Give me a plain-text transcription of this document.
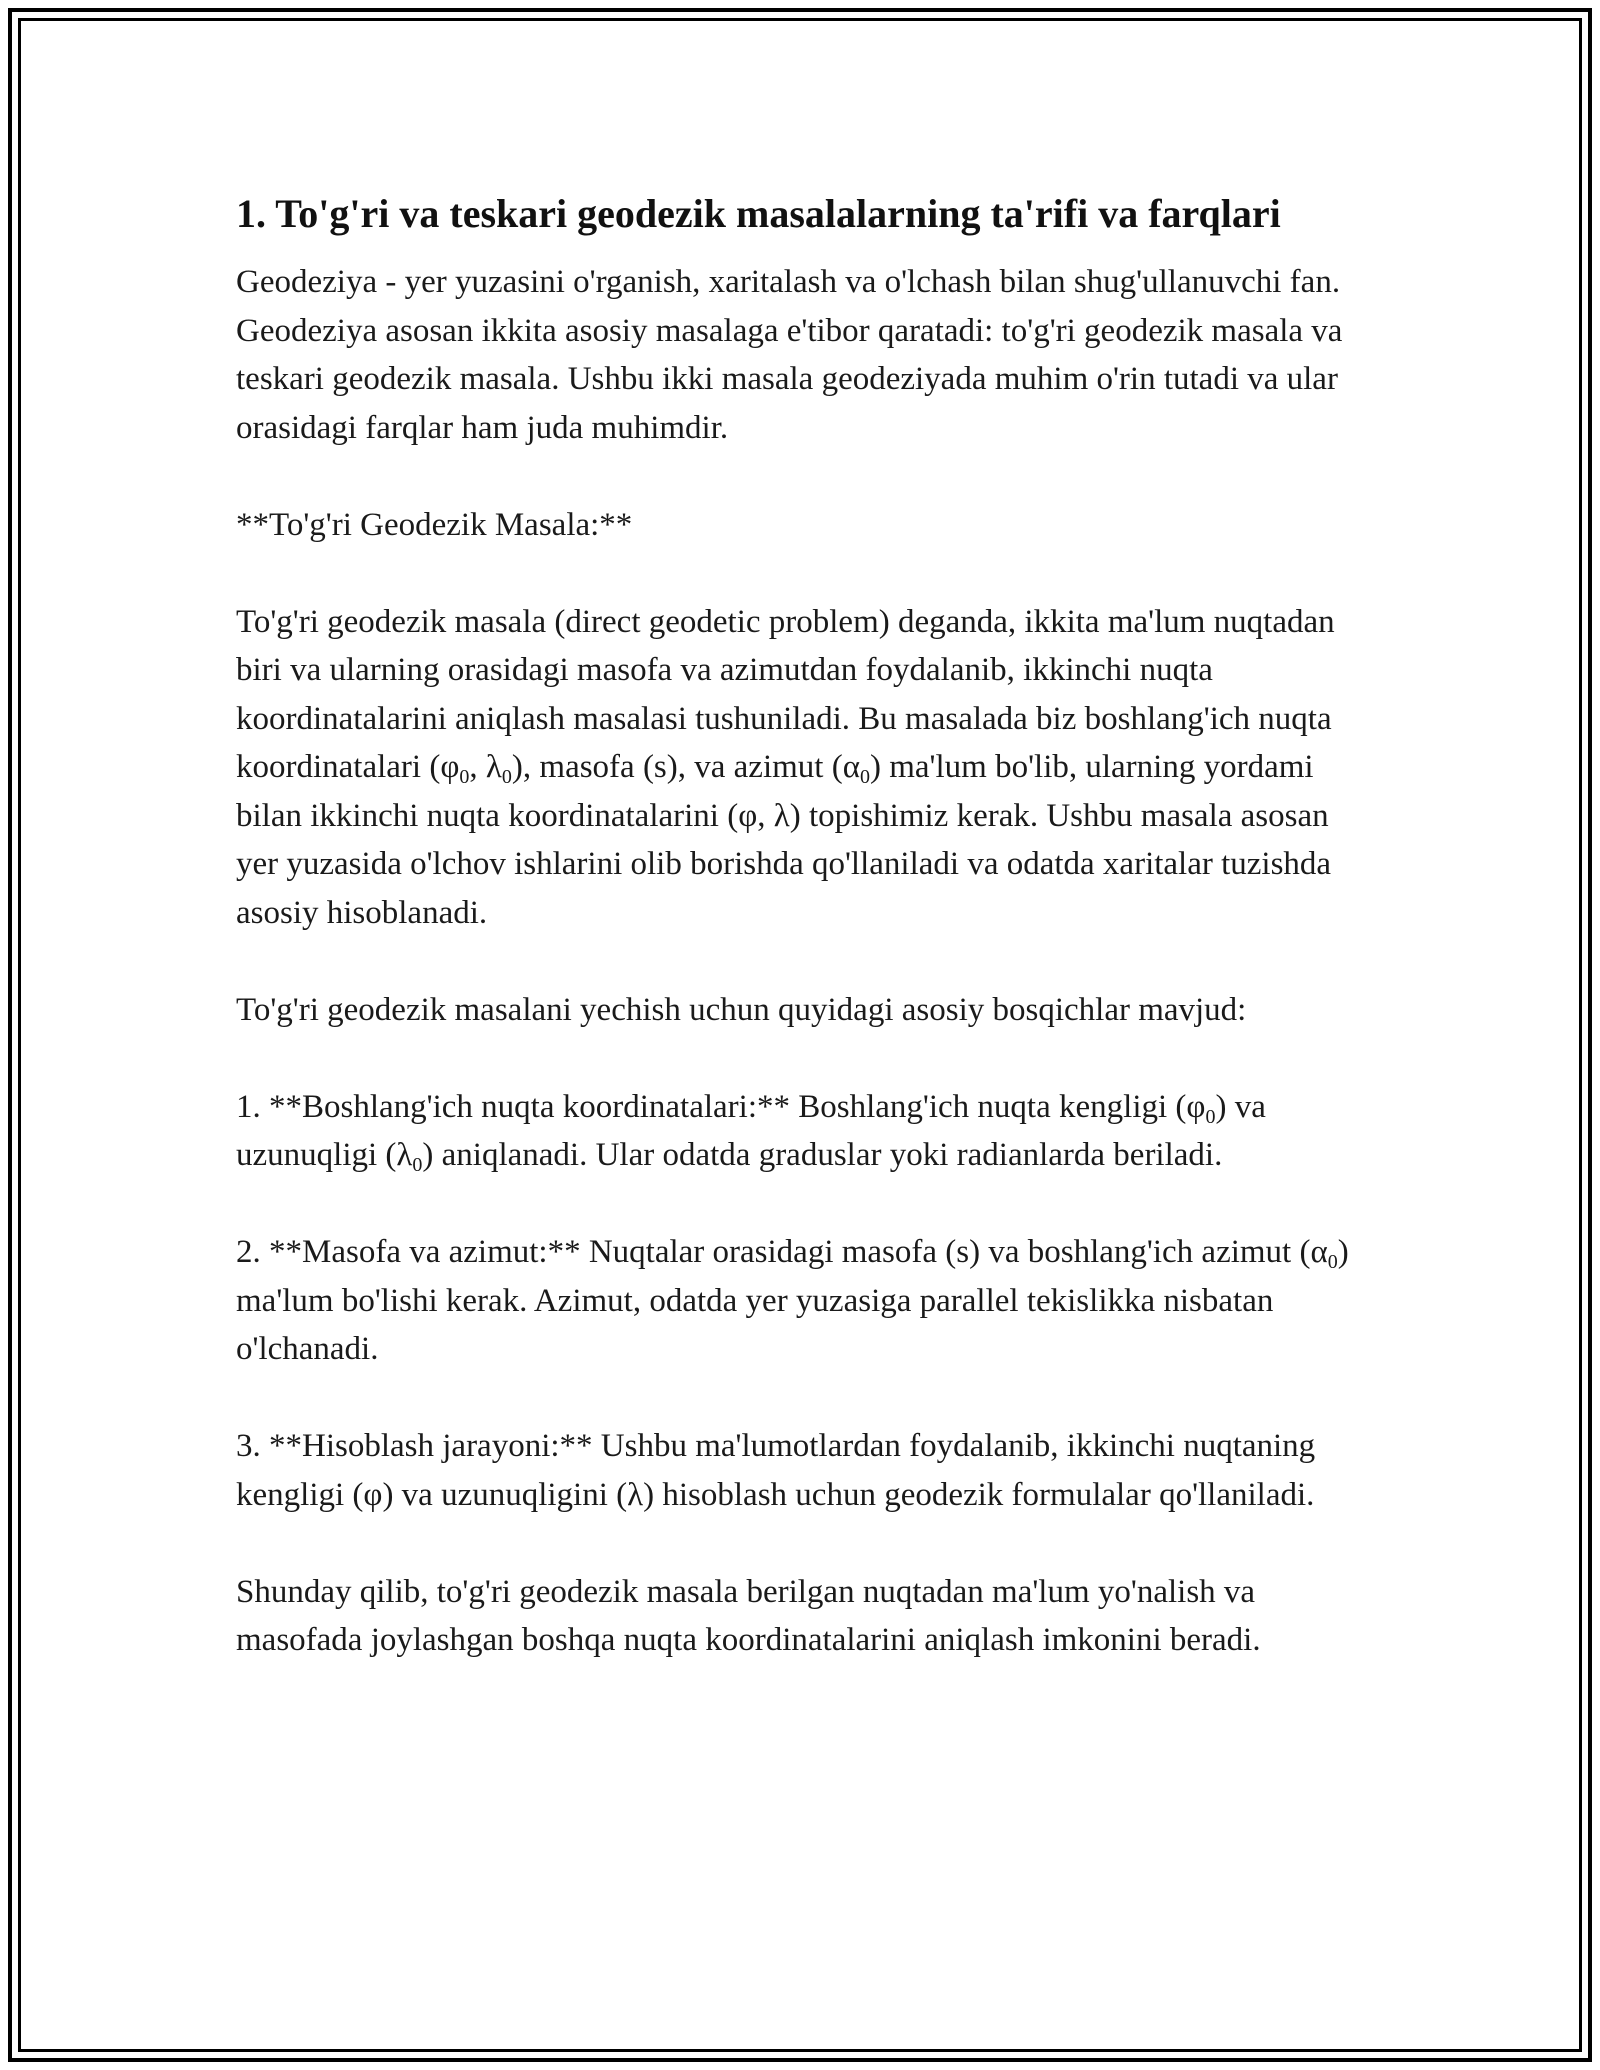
1. To'g'ri va teskari geodezik masalalarning ta'rifi va farqlari

Geodeziya - yer yuzasini o'rganish, xaritalash va o'lchash bilan shug'ullanuvchi fan. Geodeziya asosan ikkita asosiy masalaga e'tibor qaratadi: to'g'ri geodezik masala va teskari geodezik masala. Ushbu ikki masala geodeziyada muhim o'rin tutadi va ular orasidagi farqlar ham juda muhimdir.

**To'g'ri Geodezik Masala:**

To'g'ri geodezik masala (direct geodetic problem) deganda, ikkita ma'lum nuqtadan biri va ularning orasidagi masofa va azimutdan foydalanib, ikkinchi nuqta koordinatalarini aniqlash masalasi tushuniladi. Bu masalada biz boshlang'ich nuqta koordinatalari ($\varphi_0$, $\lambda_0$), masofa (s), va azimut $(\alpha_0)$ ma'lum bo'lib, ularning yordami bilan ikkinchi nuqta koordinatalarini (φ, λ) topishimiz kerak. Ushbu masala asosan yer yuzasida o'lchov ishlarini olib borishda qo'llaniladi va odatda xaritalar tuzishda asosiy hisoblanadi.

To'g'ri geodezik masalani yechish uchun quyidagi asosiy bosqichlar mavjud:

1. **Boshlang'ich nuqta koordinatalari:** Boshlang'ich nuqta kengligi $(\varphi_0)$ va uzunuqligi $(\lambda_0)$ aniqlanadi. Ular odatda graduslar yoki radianlarda beriladi.

2. **Masofa va azimut:** Nuqtalar orasidagi masofa (s) va boshlang'ich azimut $(\alpha_0)$ ma'lum bo'lishi kerak. Azimut, odatda yer yuzasiga parallel tekislikka nisbatan o'lchanadi.

3. **Hisoblash jarayoni:** Ushbu ma'lumotlardan foydalanib, ikkinchi nuqtaning kengligi (φ) va uzunuqligini (λ) hisoblash uchun geodezik formulalar qo'llaniladi.

Shunday qilib, to'g'ri geodezik masala berilgan nuqtadan ma'lum yo'nalish va masofada joylashgan boshqa nuqta koordinatalarini aniqlash imkonini beradi.
